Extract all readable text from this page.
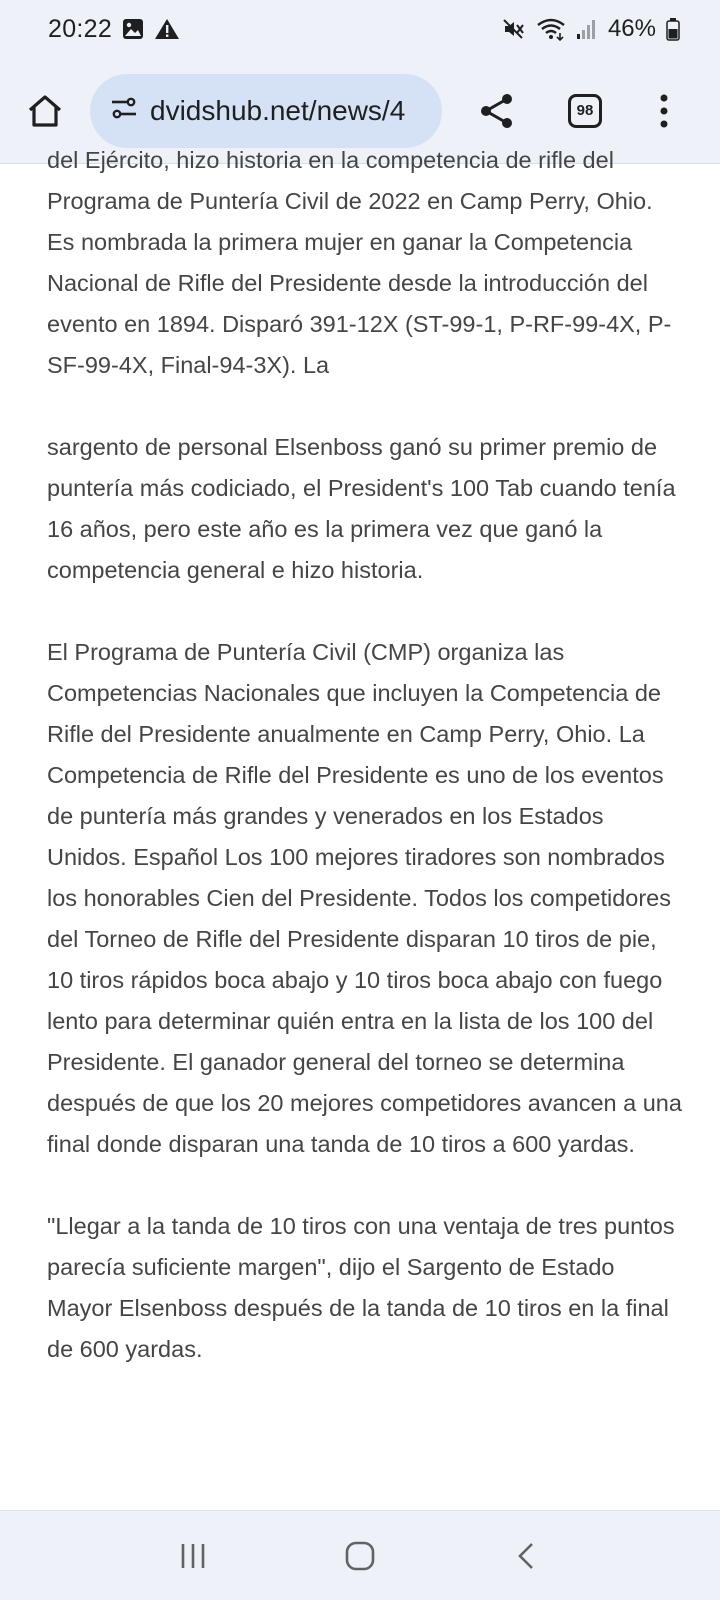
20:22	46%
dvidshub.net/news/4	98

del Ejército, hizo historia en la competencia de rifle del Programa de Puntería Civil de 2022 en Camp Perry, Ohio. Es nombrada la primera mujer en ganar la Competencia Nacional de Rifle del Presidente desde la introducción del evento en 1894. Disparó 391-12X (ST-99-1, P-RF-99-4X, P-SF-99-4X, Final-94-3X). La

sargento de personal Elsenboss ganó su primer premio de puntería más codiciado, el President's 100 Tab cuando tenía 16 años, pero este año es la primera vez que ganó la competencia general e hizo historia.

El Programa de Puntería Civil (CMP) organiza las Competencias Nacionales que incluyen la Competencia de Rifle del Presidente anualmente en Camp Perry, Ohio. La Competencia de Rifle del Presidente es uno de los eventos de puntería más grandes y venerados en los Estados Unidos. Español Los 100 mejores tiradores son nombrados los honorables Cien del Presidente. Todos los competidores del Torneo de Rifle del Presidente disparan 10 tiros de pie, 10 tiros rápidos boca abajo y 10 tiros boca abajo con fuego lento para determinar quién entra en la lista de los 100 del Presidente. El ganador general del torneo se determina después de que los 20 mejores competidores avancen a una final donde disparan una tanda de 10 tiros a 600 yardas.

"Llegar a la tanda de 10 tiros con una ventaja de tres puntos parecía suficiente margen", dijo el Sargento de Estado Mayor Elsenboss después de la tanda de 10 tiros en la final de 600 yardas.
